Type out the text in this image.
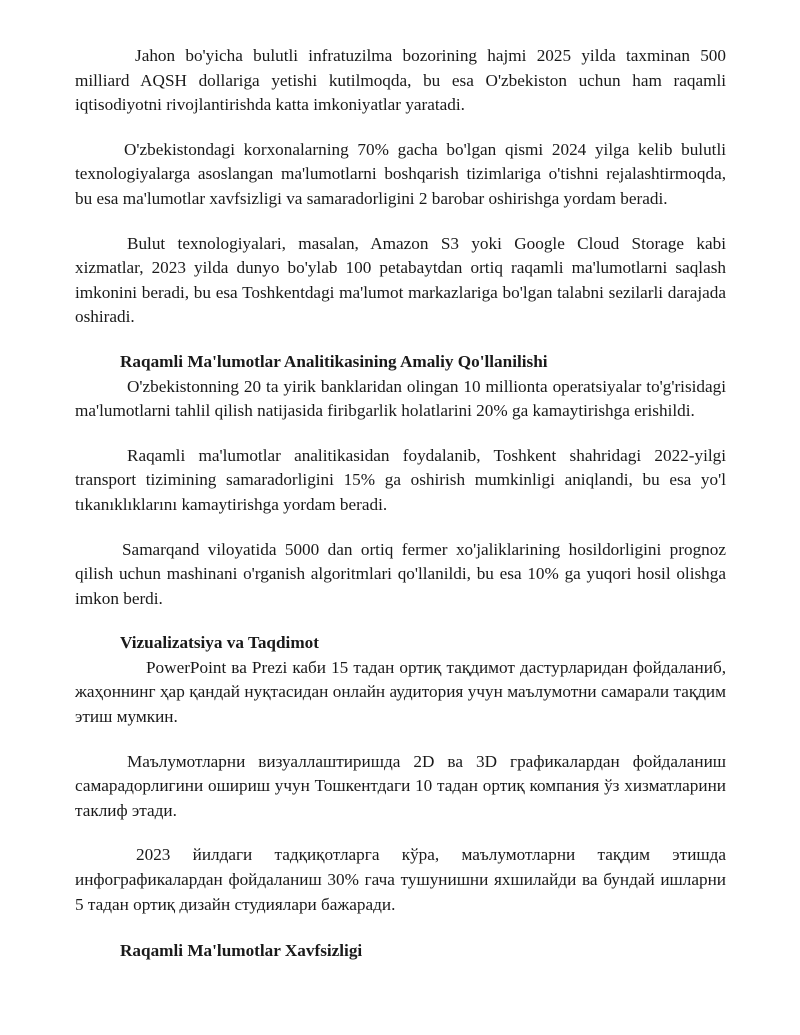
Jahon bo'yicha bulutli infratuzilma bozorining hajmi 2025 yilda taxminan 500 milliard AQSH dollariga yetishi kutilmoqda, bu esa O'zbekiston uchun ham raqamli iqtisodiyotni rivojlantirishda katta imkoniyatlar yaratadi.

O'zbekistondagi korxonalarning 70% gacha bo'lgan qismi 2024 yilga kelib bulutli texnologiyalarga asoslangan ma'lumotlarni boshqarish tizimlariga o'tishni rejalashtirmoqda, bu esa ma'lumotlar xavfsizligi va samaradorligini 2 barobar oshirishga yordam beradi.

Bulut texnologiyalari, masalan, Amazon S3 yoki Google Cloud Storage kabi xizmatlar, 2023 yilda dunyo bo'ylab 100 petabaytdan ortiq raqamli ma'lumotlarni saqlash imkonini beradi, bu esa Toshkentdagi ma'lumot markazlariga bo'lgan talabni sezilarli darajada oshiradi.

Raqamli Ma'lumotlar Analitikasining Amaliy Qo'llanilishi

O'zbekistonning 20 ta yirik banklaridan olingan 10 millionta operatsiyalar to'g'risidagi ma'lumotlarni tahlil qilish natijasida firibgarlik holatlarini 20% ga kamaytirishga erishildi.

Raqamli ma'lumotlar analitikasidan foydalanib, Toshkent shahridagi 2022-yilgi transport tizimining samaradorligini 15% ga oshirish mumkinligi aniqlandi, bu esa yo'l tıkanıklıklarını kamaytirishga yordam beradi.

Samarqand viloyatida 5000 dan ortiq fermer xo'jaliklarining hosildorligini prognoz qilish uchun mashinani o'rganish algoritmlari qo'llanildi, bu esa 10% ga yuqori hosil olishga imkon berdi.

Vizualizatsiya va Taqdimot

PowerPoint ва Prezi каби 15 тадан ортиқ тақдимот дастурларидан фойдаланиб, жаҳоннинг ҳар қандай нуқтасидан онлайн аудитория учун маълумотни самарали тақдим этиш мумкин.

Маълумотларни визуаллаштиришда 2D ва 3D графикалардан фойдаланиш самарадорлигини ошириш учун Тошкентдаги 10 тадан ортиқ компания ўз хизматларини таклиф этади.

2023 йилдаги тадқиқотларга кўра, маълумотларни тақдим этишда инфографикалардан фойдаланиш 30% гача тушунишни яхшилайди ва бундай ишларни 5 тадан ортиқ дизайн студиялари бажаради.

Raqamli Ma'lumotlar Xavfsizligi
